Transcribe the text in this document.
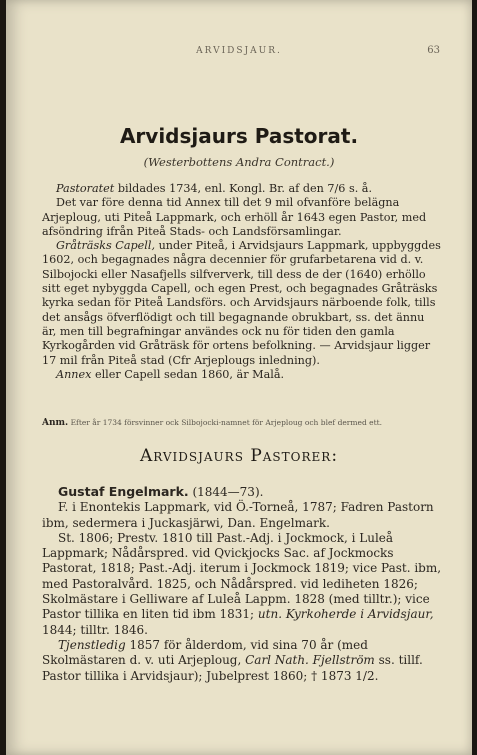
ARVIDSJAUR.	63
Arvidsjaurs Pastorat.
(Westerbottens Andra Contract.)

Pastoratet bildades 1734, enl. Kongl. Br. af den 7/6 s. å.

Det var före denna tid Annex till det 9 mil ofvanföre belägna Arjeploug, uti Piteå Lappmark, och erhöll år 1643 egen Pastor, med afsöndring ifrån Piteå Stads- och Landsförsamlingar.

Gråträsks Capell, under Piteå, i Arvidsjaurs Lappmark, uppbyggdes 1602, och begagnades några decennier för grufarbetarena vid d. v. Silbojocki eller Nasafjells silfververk, till dess de der (1640) erhöllo sitt eget nybyggda Capell, och egen Prest, och begagnades Gråträsks kyrka sedan för Piteå Landsförs. och Arvidsjaurs närboende folk, tills det ansågs öfverflödigt och till begagnande obrukbart, ss. det ännu är, men till begrafningar användes ock nu för tiden den gamla Kyrkogården vid Gråträsk för ortens befolkning. — Arvidsjaur ligger 17 mil från Piteå stad (Cfr Arjeplougs inledning).

Annex eller Capell sedan 1860, är Malå.

Anm. Efter år 1734 försvinner ock Silbojocki-namnet för Arjeploug och blef dermed ett.
Arvidsjaurs Pastorer:

Gustaf Engelmark. (1844—73).

F. i Enontekis Lappmark, vid Ö.-Torneå, 1787; Fadren Pastorn ibm, sedermera i Juckasjärwi, Dan. Engelmark.

St. 1806; Prestv. 1810 till Past.-Adj. i Jockmock, i Luleå Lappmark; Nådårspred. vid Qvickjocks Sac. af Jockmocks Pastorat, 1818; Past.-Adj. iterum i Jockmock 1819; vice Past. ibm, med Pastoralvård. 1825, och Nådårspred. vid lediheten 1826; Skolmästare i Gelliware af Luleå Lappm. 1828 (med tilltr.); vice Pastor tillika en liten tid ibm 1831; utn. Kyrkoherde i Arvidsjaur, 1844; tilltr. 1846.

Tjenstledig 1857 för ålderdom, vid sina 70 år (med Skolmästaren d. v. uti Arjeploug, Carl Nath. Fjellström ss. tillf. Pastor tillika i Arvidsjaur); Jubelprest 1860; † 1873 1/2.
